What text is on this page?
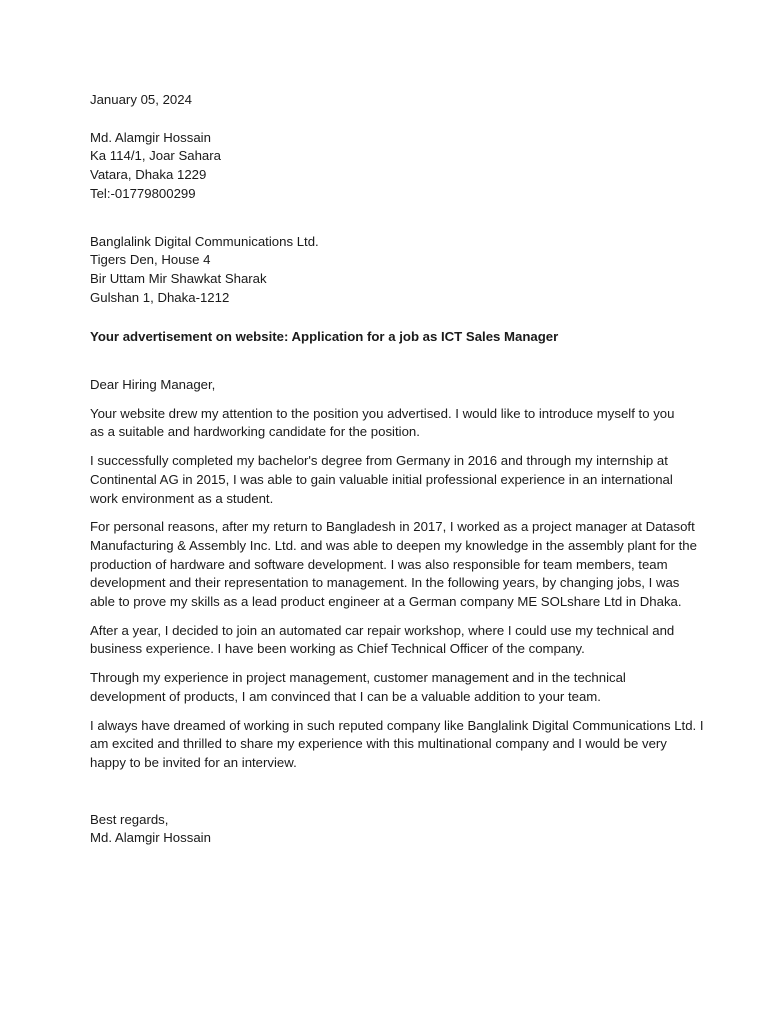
January 05, 2024
Md. Alamgir Hossain
Ka 114/1, Joar Sahara
Vatara, Dhaka 1229
Tel:-01779800299
Banglalink Digital Communications Ltd.
Tigers Den, House 4
Bir Uttam Mir Shawkat Sharak
Gulshan 1, Dhaka-1212
Your advertisement on website: Application for a job as ICT Sales Manager
Dear Hiring Manager,
Your website drew my attention to the position you advertised. I would like to introduce myself to you
as a suitable and hardworking candidate for the position.
I successfully completed my bachelor's degree from Germany in 2016 and through my internship at
Continental AG in 2015, I was able to gain valuable initial professional experience in an international
work environment as a student.
For personal reasons, after my return to Bangladesh in 2017, I worked as a project manager at Datasoft
Manufacturing & Assembly Inc. Ltd. and was able to deepen my knowledge in the assembly plant for the
production of hardware and software development. I was also responsible for team members, team
development and their representation to management. In the following years, by changing jobs, I was
able to prove my skills as a lead product engineer at a German company ME SOLshare Ltd in Dhaka.
After a year, I decided to join an automated car repair workshop, where I could use my technical and
business experience. I have been working as Chief Technical Officer of the company.
Through my experience in project management, customer management and in the technical
development of products, I am convinced that I can be a valuable addition to your team.
I always have dreamed of working in such reputed company like Banglalink Digital Communications Ltd. I
am excited and thrilled to share my experience with this multinational company and I would be very
happy to be invited for an interview.
Best regards,
Md. Alamgir Hossain
